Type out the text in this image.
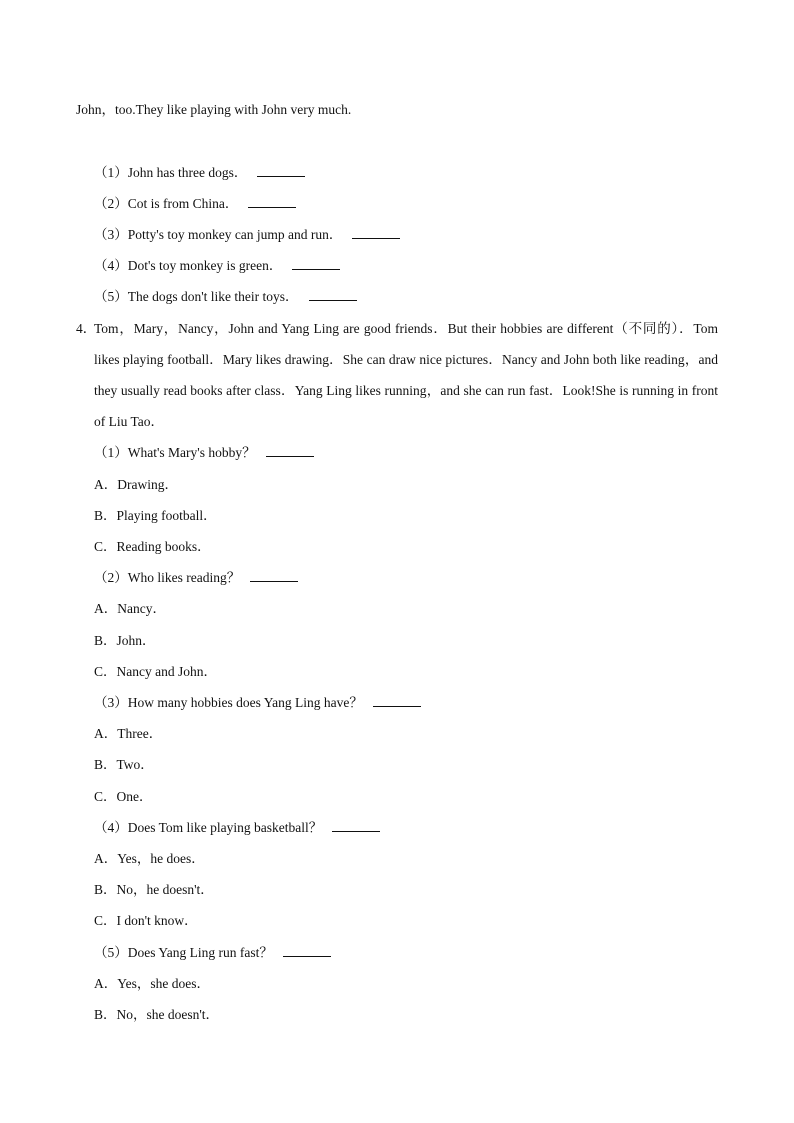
John，too.They like playing with John very much.
（1）John has three dogs．
（2）Cot is from China．
（3）Potty's toy monkey can jump and run．
（4）Dot's toy monkey is green．
（5）The dogs don't like their toys．
4．
Tom，Mary，Nancy，John and Yang Ling are good friends．But their hobbies are different（不同的）．Tom likes playing football．Mary likes drawing．She can draw nice pictures．Nancy and John both like reading，and they usually read books after class．Yang Ling likes running，and she can run fast．Look!She is running in front of Liu Tao．
（1）What's Mary's hobby？
A．Drawing．
B．Playing football．
C．Reading books．
（2）Who likes reading？
A．Nancy．
B．John．
C．Nancy and John．
（3）How many hobbies does Yang Ling have？
A．Three．
B．Two．
C．One．
（4）Does Tom like playing basketball？
A．Yes，he does．
B．No，he doesn't．
C．I don't know．
（5）Does Yang Ling run fast？
A．Yes，she does．
B．No，she doesn't．
